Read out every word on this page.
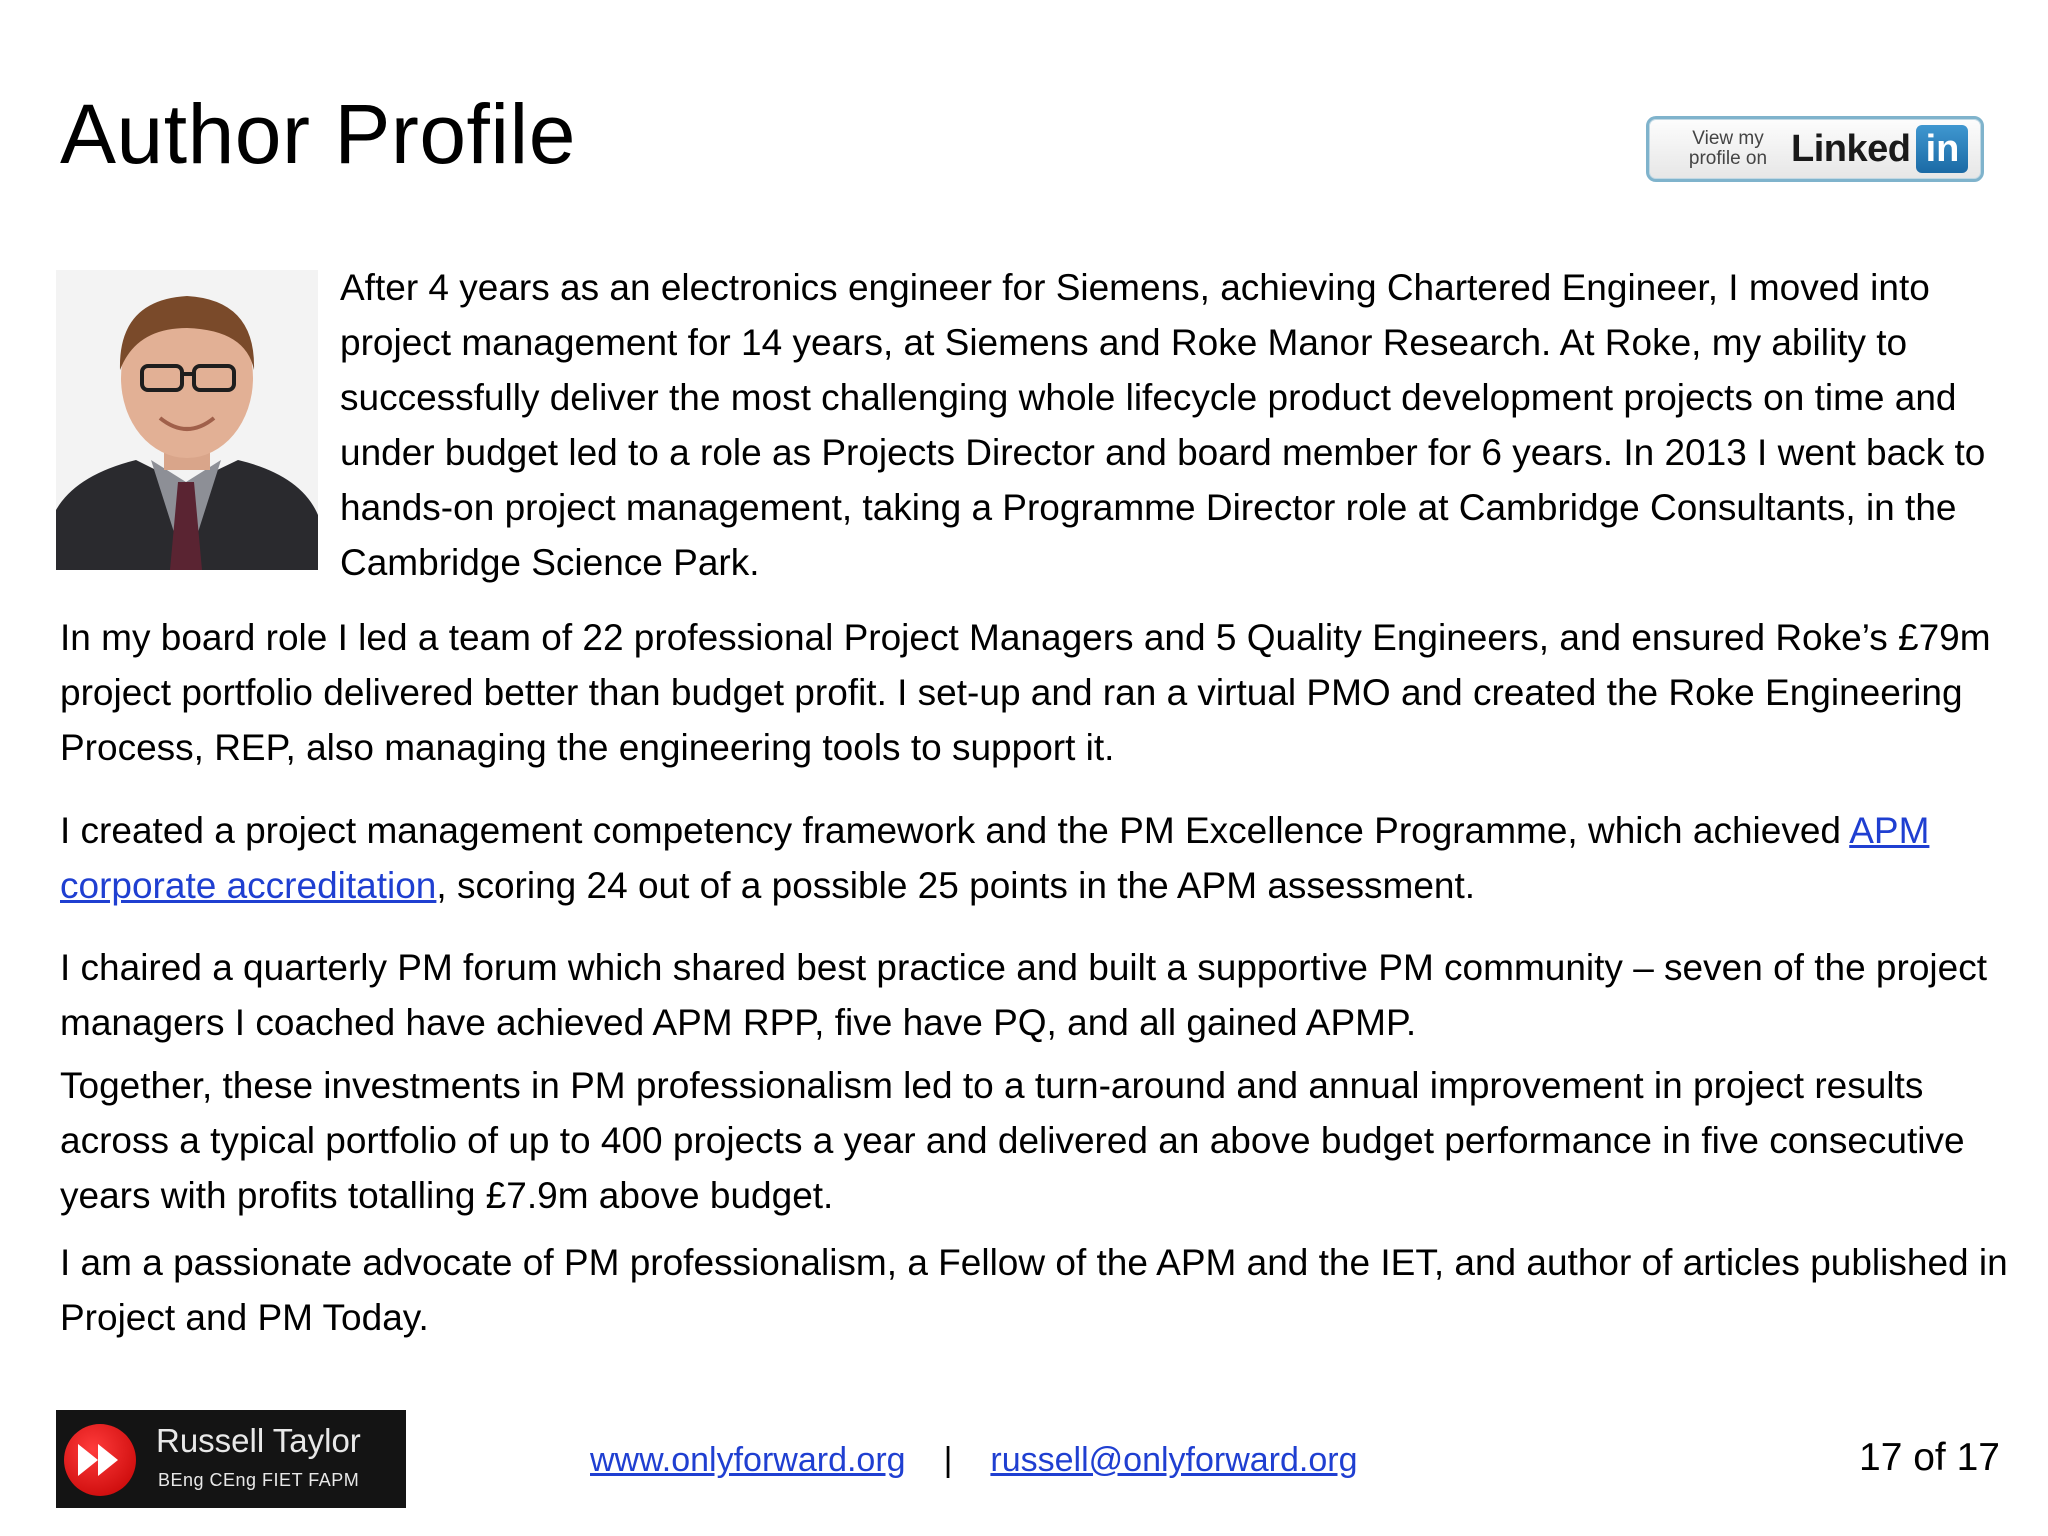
Author Profile	View my
profile on Linked in

After 4 years as an electronics engineer for Siemens, achieving Chartered Engineer, I moved into project management for 14 years, at Siemens and Roke Manor Research. At Roke, my ability to successfully deliver the most challenging whole lifecycle product development projects on time and under budget led to a role as Projects Director and board member for 6 years. In 2013 I went back to hands-on project management, taking a Programme Director role at Cambridge Consultants, in the Cambridge Science Park.

In my board role I led a team of 22 professional Project Managers and 5 Quality Engineers, and ensured Roke’s £79m project portfolio delivered better than budget profit. I set-up and ran a virtual PMO and created the Roke Engineering Process, REP, also managing the engineering tools to support it.

I created a project management competency framework and the PM Excellence Programme, which achieved APM corporate accreditation, scoring 24 out of a possible 25 points in the APM assessment.

I chaired a quarterly PM forum which shared best practice and built a supportive PM community – seven of the project managers I coached have achieved APM RPP, five have PQ, and all gained APMP.

Together, these investments in PM professionalism led to a turn-around and annual improvement in project results across a typical portfolio of up to 400 projects a year and delivered an above budget performance in five consecutive years with profits totalling £7.9m above budget.

I am a passionate advocate of PM professionalism, a Fellow of the APM and the IET, and author of articles published in Project and PM Today.

Russell Taylor
BEng CEng FIET FAPM
www.onlyforward.org | russell@onlyforward.org	17 of 17
